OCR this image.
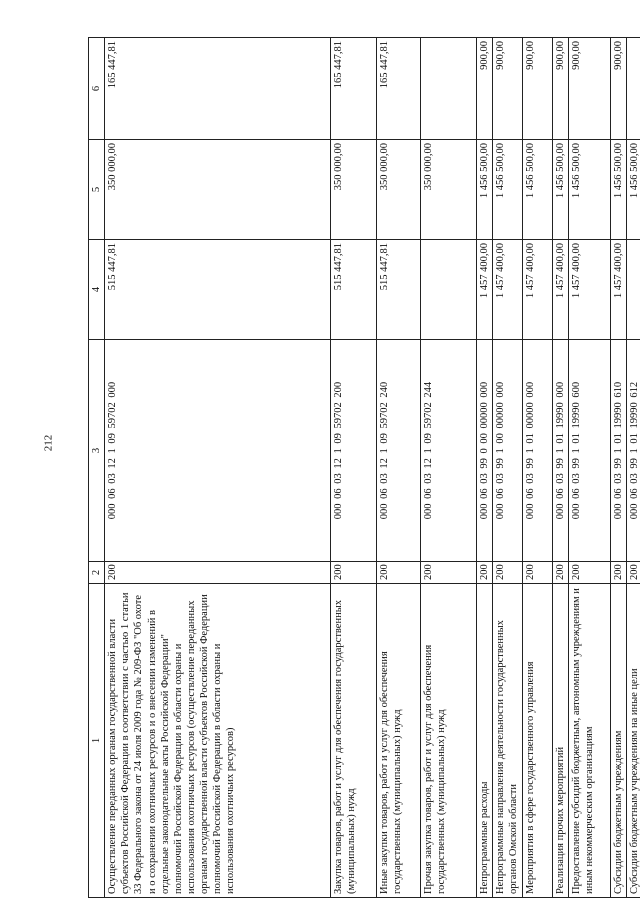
212
1	2	3	4	5	6
Осуществление переданных органам государственной власти субъектов Российской Федерации в соответствии с частью 1 статьи 33 Федерального закона от 24 июля 2009 года № 209-ФЗ "Об охоте и о сохранении охотничьих ресурсов и о внесении изменений в отдельные законодательные акты Российской Федерации" полномочий Российской Федерации в области охраны и использования охотничьих ресурсов (осуществление переданных органам государственной власти субъектов Российской Федерации полномочий Российской Федерации в области охраны и использования охотничьих ресурсов)	200	000 06 03 12 1 09 59702 000	515 447,81	350 000,00	165 447,81
Закупка товаров, работ и услуг для обеспечения государственных (муниципальных) нужд	200	000 06 03 12 1 09 59702 200	515 447,81	350 000,00	165 447,81
Иные закупки товаров, работ и услуг для обеспечения государственных (муниципальных) нужд	200	000 06 03 12 1 09 59702 240	515 447,81	350 000,00	165 447,81
Прочая закупка товаров, работ и услуг для обеспечения государственных (муниципальных) нужд	200	000 06 03 12 1 09 59702 244		350 000,00	
Непрограммные расходы	200	000 06 03 99 0 00 00000 000	1 457 400,00	1 456 500,00	900,00
Непрограммные направления деятельности государственных органов Омской области	200	000 06 03 99 1 00 00000 000	1 457 400,00	1 456 500,00	900,00
Мероприятия в сфере государственного управления	200	000 06 03 99 1 01 00000 000	1 457 400,00	1 456 500,00	900,00
Реализация прочих мероприятий	200	000 06 03 99 1 01 19990 000	1 457 400,00	1 456 500,00	900,00
Предоставление субсидий бюджетным, автономным учреждениям и иным некоммерческим организациям	200	000 06 03 99 1 01 19990 600	1 457 400,00	1 456 500,00	900,00
Субсидии бюджетным учреждениям	200	000 06 03 99 1 01 19990 610	1 457 400,00	1 456 500,00	900,00
Субсидии бюджетным учреждениям на иные цели	200	000 06 03 99 1 01 19990 612		1 456 500,00	
